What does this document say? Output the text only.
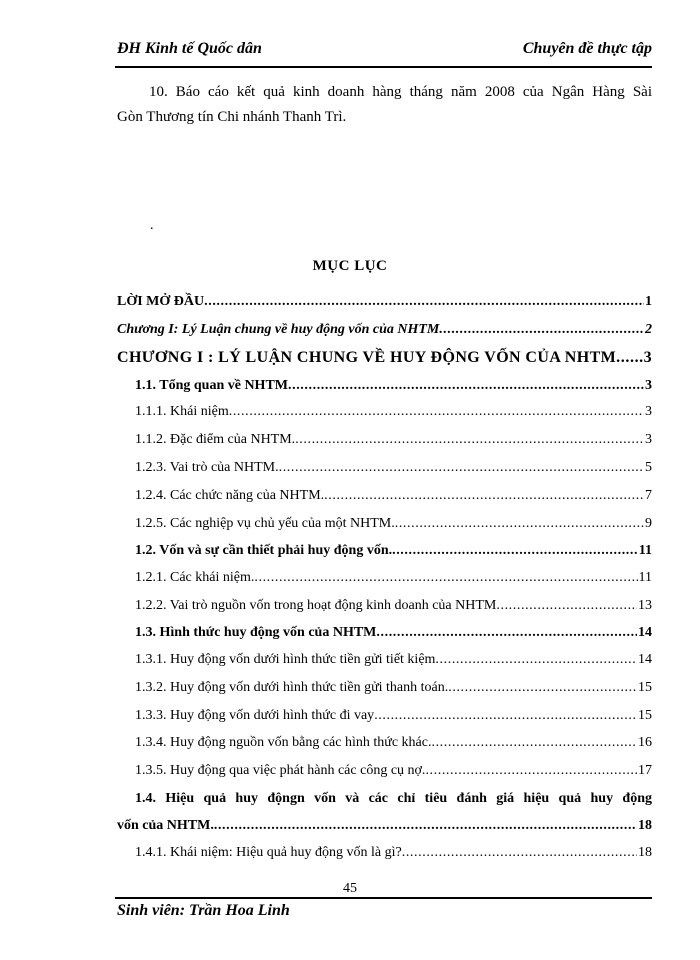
ĐH Kinh tế Quốc dân	Chuyên đề thực tập
10. Báo cáo kết quả kinh doanh hàng tháng năm 2008 của Ngân Hàng Sài
Gòn Thương tín Chi nhánh Thanh Trì.
.
MỤC LỤC
LỜI MỞ ĐẦU .....	1
Chương I: Lý Luận chung về huy động vốn của NHTM .....	2
CHƯƠNG I : LÝ LUẬN CHUNG VỀ HUY ĐỘNG VỐN CỦA NHTM ..... 3
1.1. Tổng quan về NHTM .....	3
1.1.1. Khái niệm .....	3
1.1.2. Đặc điểm của NHTM. .....	3
1.2.3. Vai trò của NHTM. .....	5
1.2.4. Các chức năng của NHTM. .....	7
1.2.5. Các nghiệp vụ chủ yếu của một NHTM. .....	9
1.2. Vốn và sự cần thiết phải huy động vốn. .....	11
1.2.1. Các khái niệm. .....	11
1.2.2. Vai trò nguồn vốn trong hoạt động kinh doanh của NHTM .....	13
1.3. Hình thức huy động vốn của NHTM .....	14
1.3.1. Huy động vốn dưới hình thức tiền gửi tiết kiệm .....	14
1.3.2. Huy động vốn dưới hình thức tiền gửi thanh toán. .....	15
1.3.3. Huy động vốn dưới hình thức đi vay .....	15
1.3.4. Huy động nguồn vốn bằng các hình thức khác. .....	16
1.3.5. Huy động qua việc phát hành các công cụ nợ. .....	17
1.4. Hiệu quả huy độngn vốn và các chỉ tiêu đánh giá hiệu quả huy động
vốn của NHTM. .....	18
1.4.1. Khái niệm: Hiệu quả huy động vốn là gì? .....	18
45
Sinh viên: Trần Hoa Linh
